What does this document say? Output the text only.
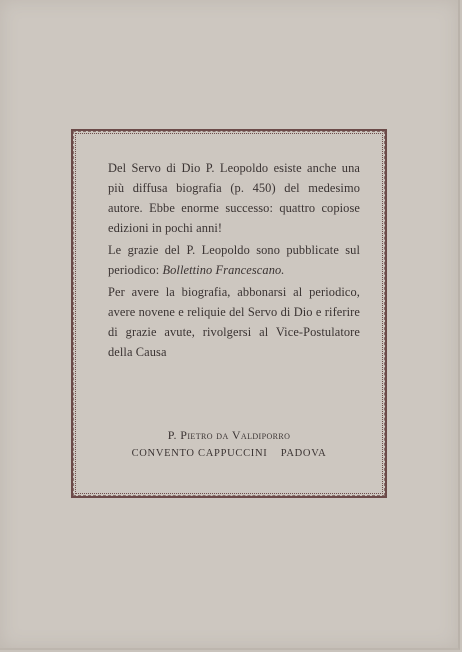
Del Servo di Dio P. Leopoldo esiste anche una più diffusa biografia (p. 450) del medesimo autore. Ebbe enorme successo: quattro copiose edizioni in pochi anni!

Le grazie del P. Leopoldo sono pubblicate sul periodico: Bollettino Francescano.

Per avere la biografia, abbonarsi al periodico, avere novene e reliquie del Servo di Dio e riferire di grazie avute, rivolgersi al Vice-Postulatore della Causa

P. Pietro da Valdiporro
CONVENTO CAPPUCCINI    PADOVA
